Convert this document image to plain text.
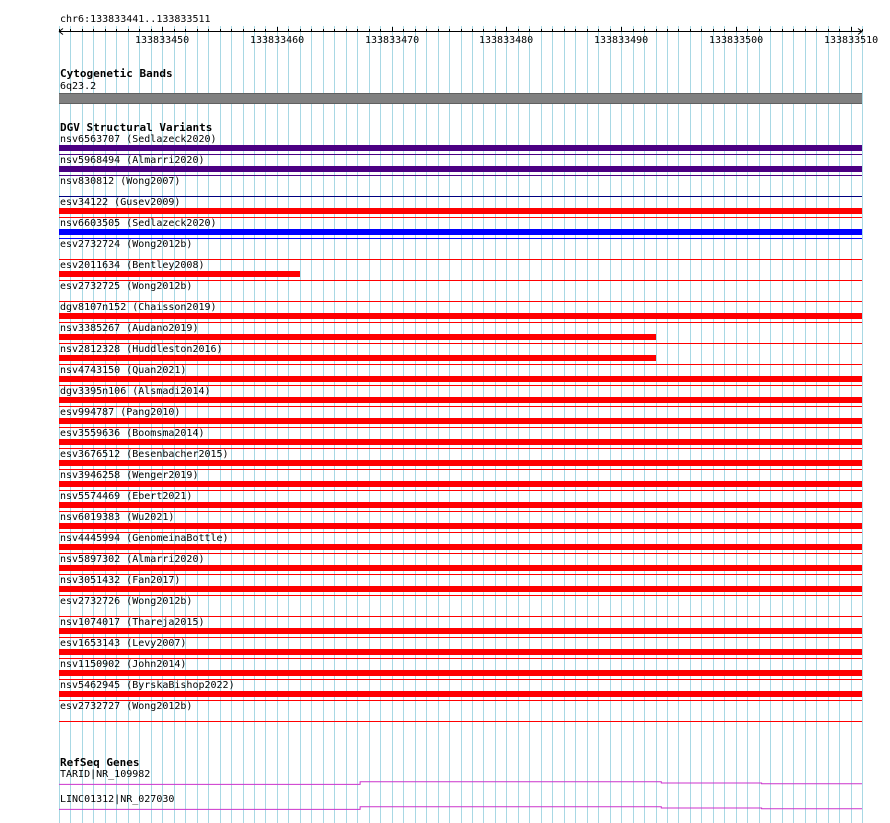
chr6:133833441..133833511
133833450	133833460	133833470	133833480	133833490	133833500	133833510
Cytogenetic Bands
6q23.2
DGV Structural Variants
nsv6563707 (Sedlazeck2020)
nsv5968494 (Almarri2020)
nsv830812 (Wong2007)
esv34122 (Gusev2009)
nsv6603505 (Sedlazeck2020)
esv2732724 (Wong2012b)
esv2011634 (Bentley2008)
esv2732725 (Wong2012b)
dgv8107n152 (Chaisson2019)
nsv3385267 (Audano2019)
nsv2812328 (Huddleston2016)
nsv4743150 (Quan2021)
dgv3395n106 (Alsmadi2014)
esv994787 (Pang2010)
esv3559636 (Boomsma2014)
esv3676512 (Besenbacher2015)
nsv3946258 (Wenger2019)
nsv5574469 (Ebert2021)
nsv6019383 (Wu2021)
nsv4445994 (GenomeinaBottle)
nsv5897302 (Almarri2020)
nsv3051432 (Fan2017)
esv2732726 (Wong2012b)
nsv1074017 (Thareja2015)
esv1653143 (Levy2007)
nsv1150902 (John2014)
nsv5462945 (ByrskaBishop2022)
esv2732727 (Wong2012b)
RefSeq Genes
TARID|NR_109982
LINC01312|NR_027030
